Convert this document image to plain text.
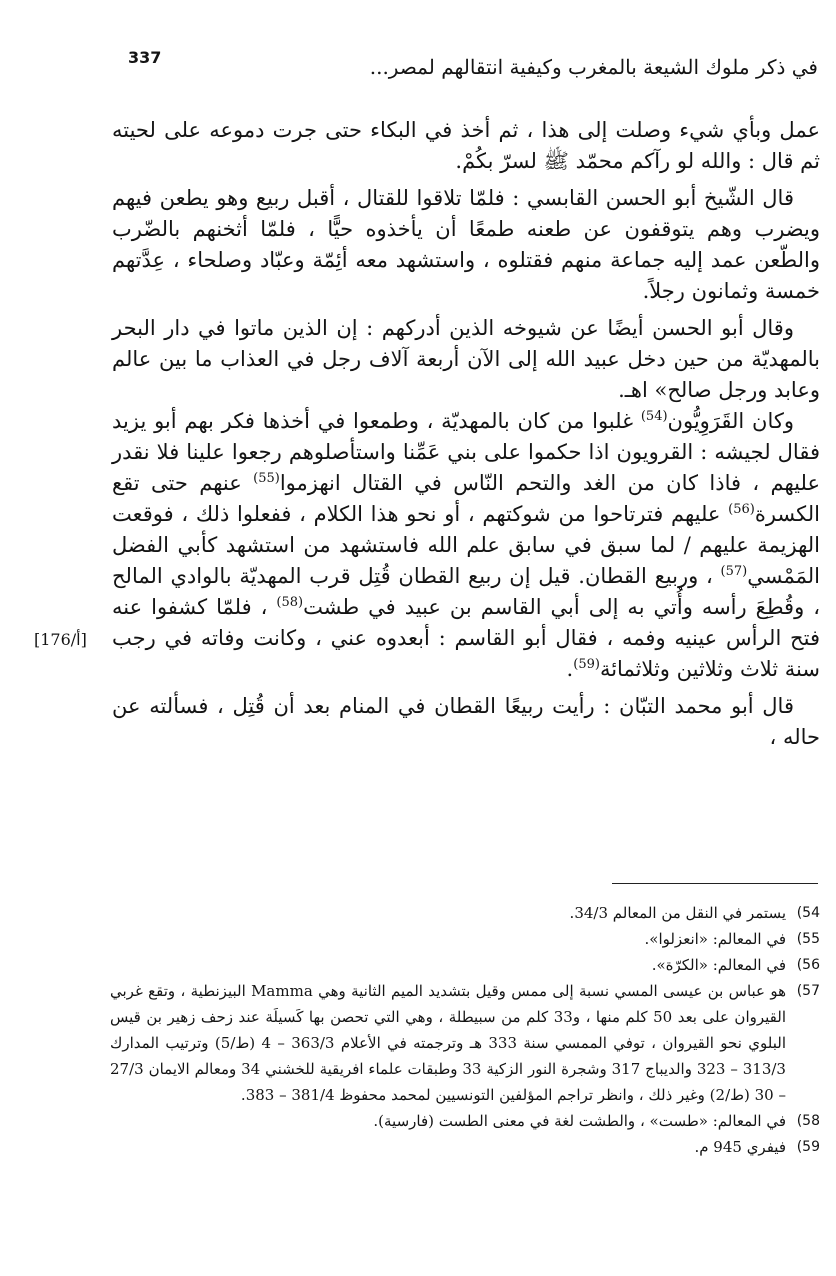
337	في ذكر ملوك الشيعة بالمغرب وكيفية انتقالهم لمصر...
[176/أ]

عمل وبأي شيء وصلت إلى هذا ، ثم أخذ في البكاء حتى جرت دموعه على لحيته ثم قال : والله لو رآكم محمّد ﷺ لسرّ بكُمْ.

قال الشّيخ أبو الحسن القابسي : فلمّا تلاقوا للقتال ، أقبل ربيع وهو يطعن فيهم ويضرب وهم يتوقفون عن طعنه طمعًا أن يأخذوه حيًّا ، فلمّا أثخنهم بالضّرب والطّعن عمد إليه جماعة منهم فقتلوه ، واستشهد معه أئِمّة وعبّاد وصلحاء ، عِدَّتهم خمسة وثمانون رجلاً.

وقال أبو الحسن أيضًا عن شيوخه الذين أدركهم : إن الذين ماتوا في دار البحر بالمهديّة من حين دخل عبيد الله إلى الآن أربعة آلاف رجل في العذاب ما بين عالم وعابد ورجل صالح» اهـ.

وكان القَرَوِيُّون$^{(54)}$ غلبوا من كان بالمهديّة ، وطمعوا في أخذها فكر بهم أبو يزيد فقال لجيشه : القرويون اذا حكموا على بني عَمِّنا واستأصلوهم رجعوا علينا فلا نقدر عليهم ، فاذا كان من الغد والتحم النّاس في القتال انهزموا$^{(55)}$ عنهم حتى تقع الكسرة$^{(56)}$ عليهم فترتاحوا من شوكتهم ، أو نحو هذا الكلام ، ففعلوا ذلك ، فوقعت الهزيمة عليهم / لما سبق في سابق علم الله فاستشهد من استشهد كأبي الفضل المَمْسي$^{(57)}$ ، وربيع القطان. قيل إن ربيع القطان قُتِل قرب المهديّة بالوادي المالح ، وقُطِعَ رأسه وأُتي به إلى أبي القاسم بن عبيد في طشت$^{(58)}$ ، فلمّا كشفوا عنه فتح الرأس عينيه وفمه ، فقال أبو القاسم : أبعدوه عني ، وكانت وفاته في رجب سنة ثلاث وثلاثين وثلاثمائة$^{(59)}$.

قال أبو محمد التبّان : رأيت ربيعًا القطان في المنام بعد أن قُتِل ، فسألته عن حاله ،

54)
يستمر في النقل من المعالم 34/3.
55)
في المعالم: «انعزلوا».
56)
في المعالم: «الكرّة».
57)
هو عباس بن عيسى المسي نسبة إلى ممس وقيل بتشديد الميم الثانية وهي Mamma البيزنطية ، وتقع غربي القيروان على بعد 50 كلم منها ، و33 كلم من سبيطلة ، وهي التي تحصن بها كَسيلَة عند زحف زهير بن قيس البلوي نحو القيروان ، توفي الممسي سنة 333 هـ وترجمته في الأعلام 363/3 – 4 (ط/5) وترتيب المدارك 313/3 – 323 والديباج 317 وشجرة النور الزكية 33 وطبقات علماء افريقية للخشني 34 ومعالم الايمان 27/3 – 30 (ط/2) وغير ذلك ، وانظر تراجم المؤلفين التونسيين لمحمد محفوظ 381/4 – 383.
58)
في المعالم: «طست» ، والطشت لغة في معنى الطست (فارسية).
59)
فيفري 945 م.
